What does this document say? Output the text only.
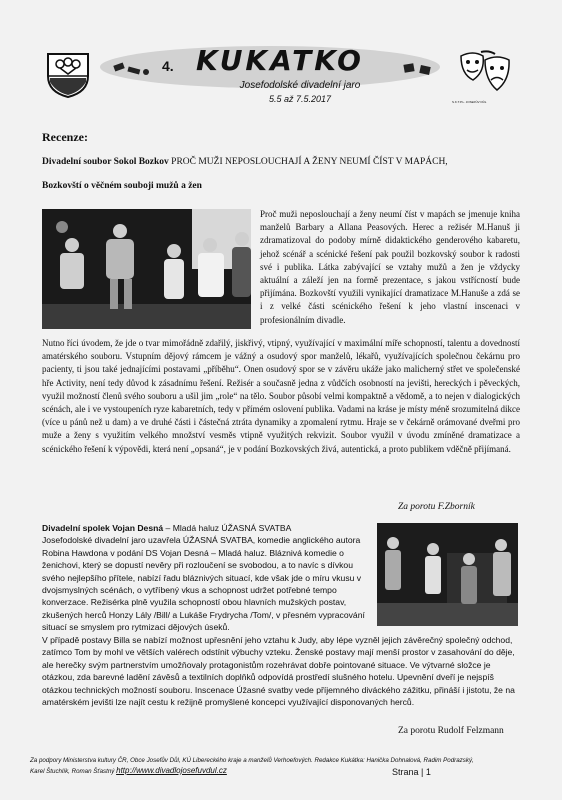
4. KUKATKO
Josefodolské divadelní jaro
5.5 až 7.5.2017	S.K.T.P.L. JOSEFŮV DŮL
Recenze:
Divadelní soubor Sokol Bozkov PROČ MUŽI NEPOSLOUCHAJÍ A ŽENY NEUMÍ ČÍST V MAPÁCH,
Bozkovští o věčném souboji mužů a žen

Proč muži neposlouchají a ženy neumí číst v mapách se jmenuje kniha manželů Barbary a Allana Peasových. Herec a režisér M.Hanuš ji zdramatizoval do podoby mírně didaktického genderového kabaretu, jehož scénář a scénické řešení pak použil bozkovský soubor k radosti své i publika. Látka zabývající se vztahy mužů a žen je vždycky aktuální a záleží jen na formě prezentace, s jakou vstřícností bude přijímána. Bozkovští využili vynikající dramatizace M.Hanuše a zdá se i z velké části scénického řešení k jeho vlastní inscenaci v profesionálním divadle.

Nutno říci úvodem, že jde o tvar mimořádně zdařilý, jiskřivý, vtipný, využívající v maximální míře schopností, talentu a dovedností amatérského souboru. Vstupním dějový rámcem je vážný a osudový spor manželů, lékařů, využívajících společnou čekárnu pro pacienty, ti jsou také jednajícími postavami „příběhu“. Onen osudový spor se v závěru ukáže jako malicherný střet ve společenské hře Activity, není tedy důvod k zásadnímu řešení. Režisér a současně jedna z vůdčích osobností na jevišti, hereckých i pěveckých, využil možností členů svého souboru a ušil jim „role“ na tělo. Soubor působí velmi kompaktně a vědomě, a to nejen v dialogických scénách, ale i ve vystoupeních ryze kabaretních, tedy v přímém oslovení publika. Vadami na kráse je místy méně srozumitelná dikce (více u pánů než u dam) a ve druhé části i částečná ztráta dynamiky a zpomalení rytmu. Hraje se v čekárně orámované dveřmi pro muže a ženy s využitím velkého množství vesměs vtipně využitých rekvizit. Soubor využil v úvodu zmíněné dramatizace a scénického řešení k výpovědi, která není „opsaná“, je v podání Bozkovských živá, autentická, a proto publikem vděčně přijímaná.

Za porotu F.Zborník

Divadelní spolek Vojan Desná – Mladá haluz ÚŽASNÁ SVATBA
Josefodolské divadelní jaro uzavřela ÚŽASNÁ SVATBA, komedie anglického autora Robina Hawdona v podání DS Vojan Desná – Mladá haluz. Bláznivá komedie o ženichovi, který se dopustí nevěry při rozloučení se svobodou, a to navíc s dívkou svého nejlepšího přítele, nabízí řadu bláznivých situací, kde však jde o míru vkusu v dvojsmyslných scénách, o vytříbený vkus a schopnost udržet potřebné tempo konverzace. Režisérka plně využila schopností obou hlavních mužských postav, zkušených herců Honzy Lály /Bill/ a Lukáše Frydrycha /Tom/, v přesném vypracování situací se smyslem pro rytmizaci dějových úseků.

V případě postavy Billa se nabízí možnost upřesnění jeho vztahu k Judy, aby lépe vyzněl jejich závěrečný společný odchod, zatímco Tom by mohl ve větších valérech odstínit výbuchy vzteku. Ženské postavy mají menší prostor v zasahování do děje, ale herečky svým partnerstvím umožňovaly protagonistům rozehrávat dobře pointované situace. Ve výtvarné složce je otázkou, zda barevné ladění závěsů a textilních doplňků odpovídá prostředí slušného hotelu. Upevnění dveří je nejspíš otázkou technických možností souboru. Inscenace Úžasné svatby vede příjemného diváckého zážitku, přináší i jistotu, že na amatérském jevišti lze najít cestu k režijně promyšlené koncepci využívající disponovaných herců.

Za porotu Rudolf Felzmann
Za podpory Ministerstva kultury ČR, Obce Josefův Důl, KÚ Libereckého kraje a manželů Verhoefových. Redakce Kukátka: Hanička Dohnalová, Radim Podrazský,
Karel Štuchlík, Roman Šťastný http://www.divadlojosefuvdul.cz	Strana | 1
